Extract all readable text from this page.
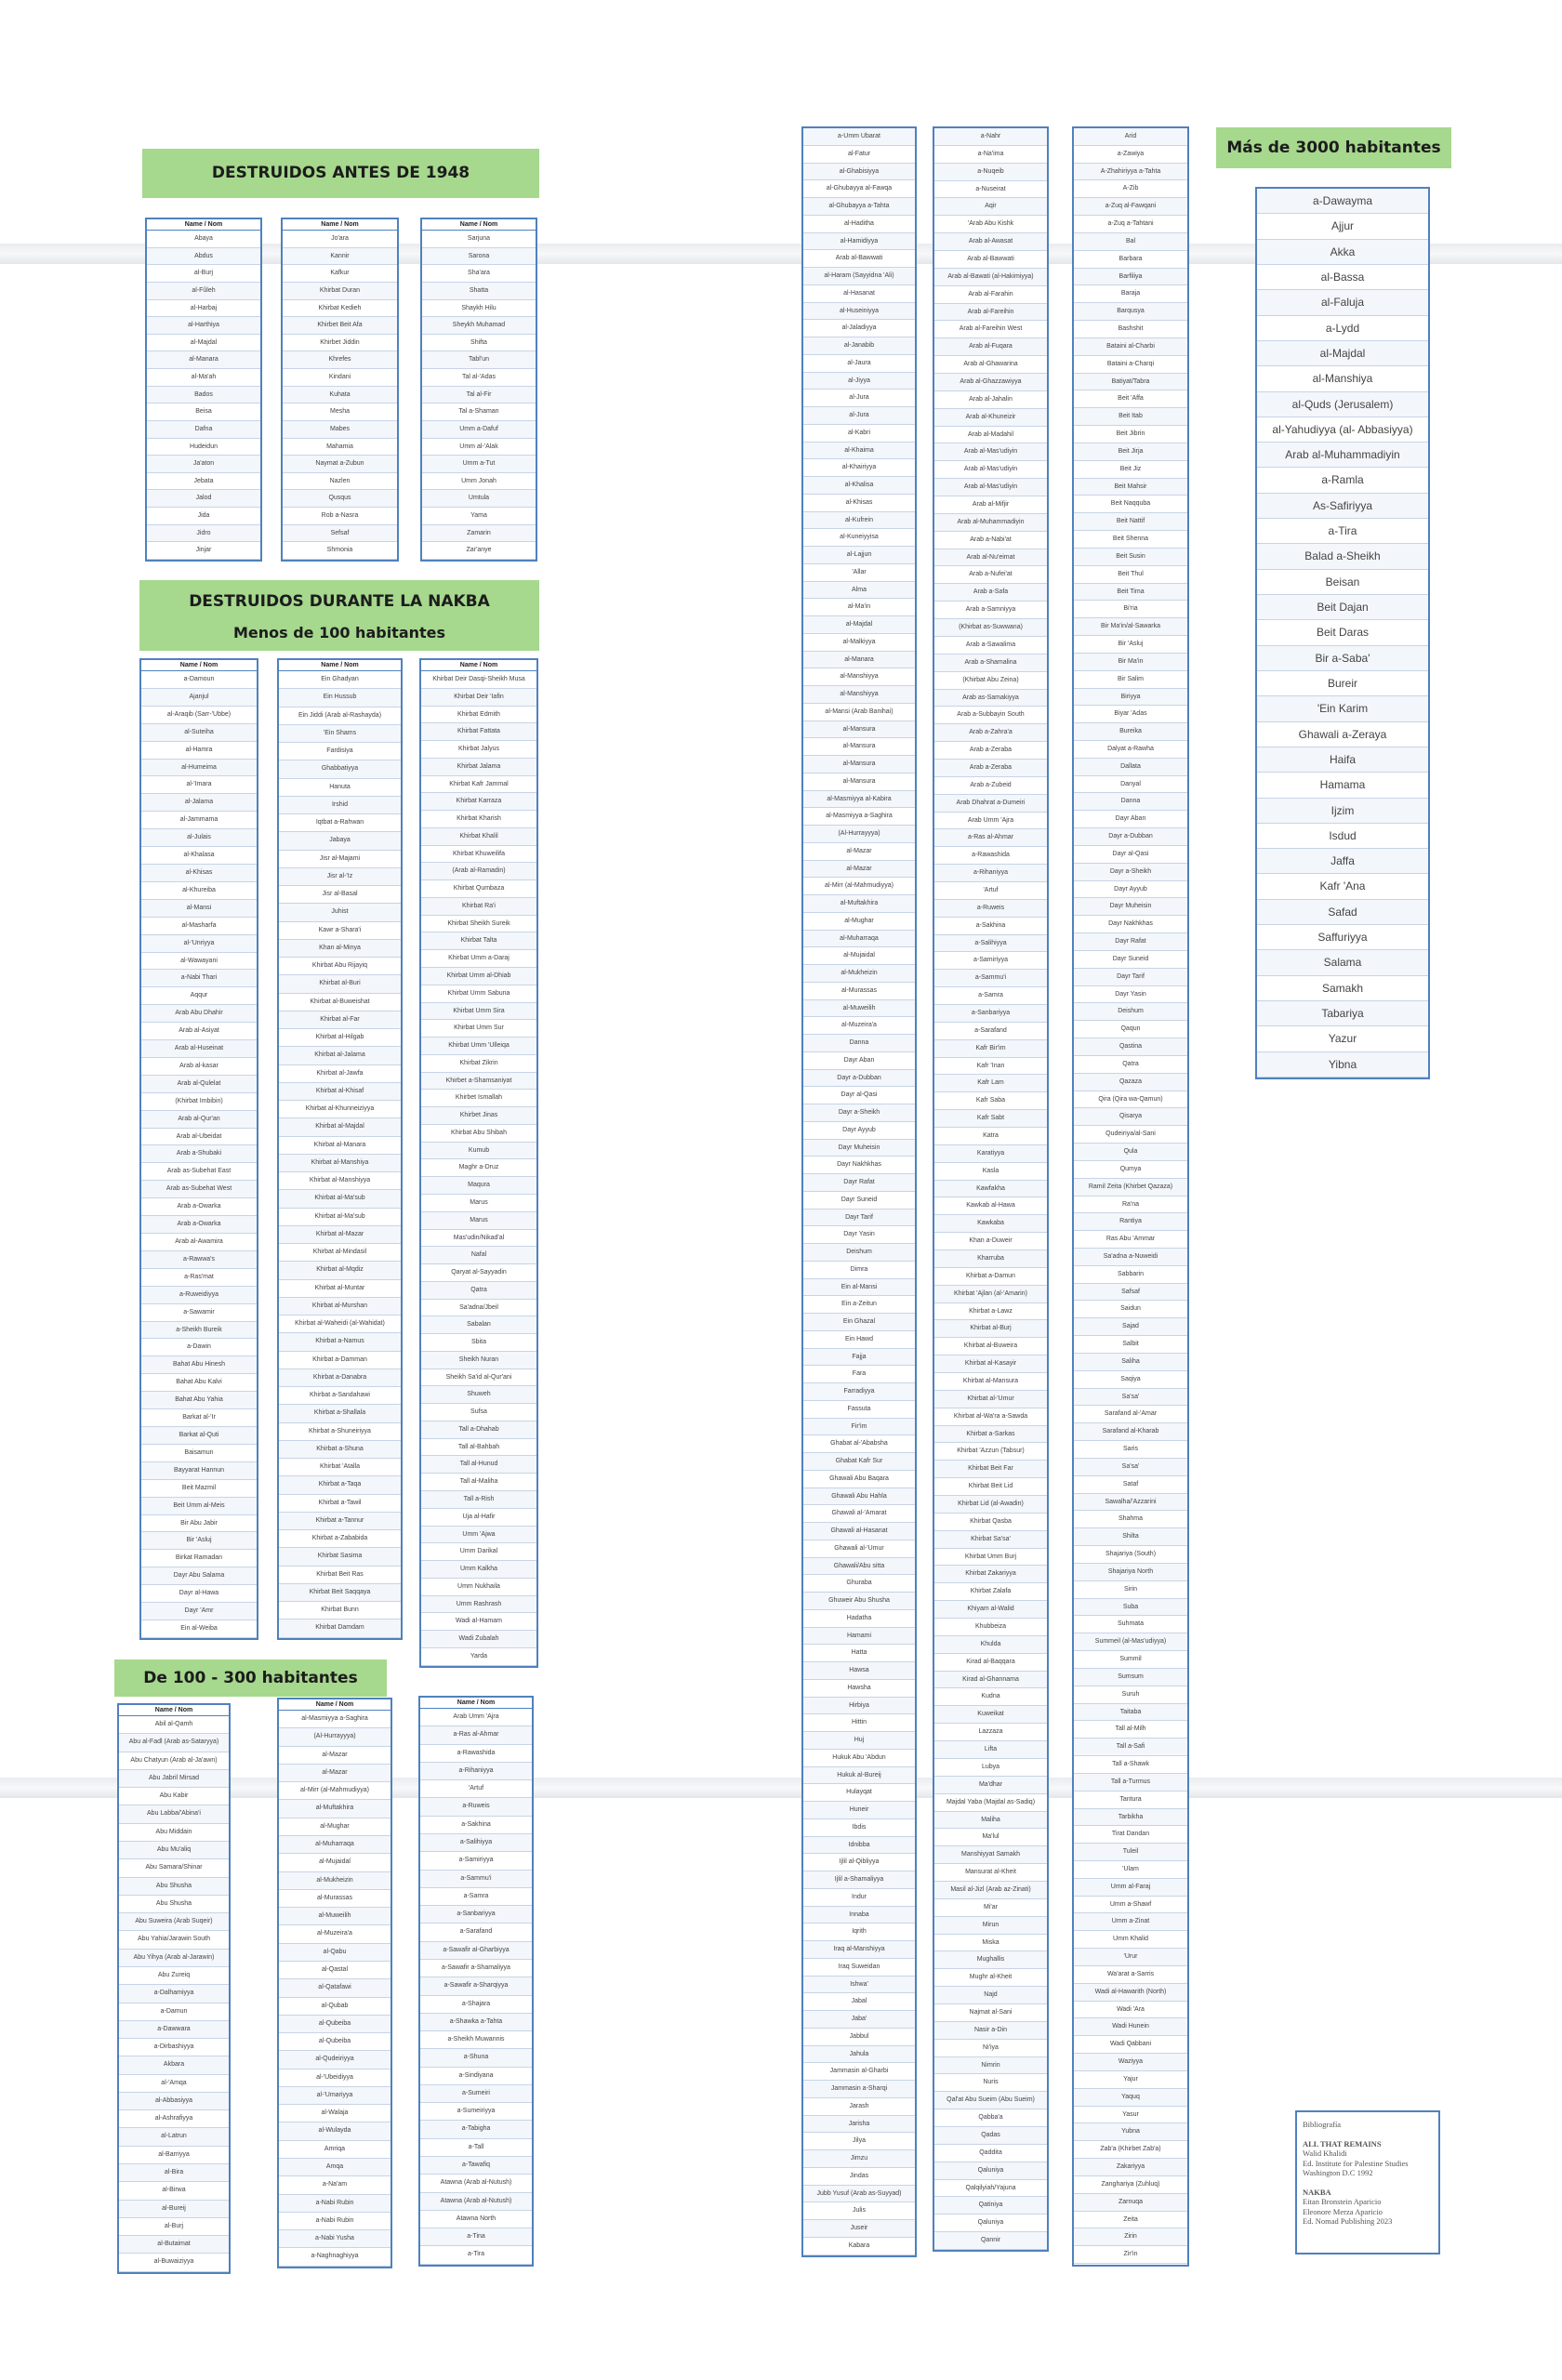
DESTRUIDOS ANTES DE 1948
DESTRUIDOS DURANTE LA NAKBA
Menos de 100 habitantes
De 100 - 300 habitantes
Más de 3000 habitantes
Name / Nom
Abaya
Abdus
al-Burj
al-Fûleh
al-Harbaj
al-Harthiya
al-Majdal
al-Manara
al-Ma'ah
Bados
Beisa
Dafna
Hudeidun
Ja'aton
Jebata
Jalod
Jida
Jidro
Jinjar
Name / Nom
Jo'ara
Kannir
Kafkur
Khirbat Duran
Khirbat Kedieh
Khirbet Beit Afa
Khirbet Jiddin
Khrefes
Kindani
Kuhata
Mesha
Mabes
Mahamia
Naymat a-Zubun
Nazlen
Qusqus
Rob a-Nasra
Sefsaf
Shmonia
Name / Nom
Sarjuna
Sarona
Sha'ara
Shatta
Shaykh Hilu
Sheykh Muhamad
Shifta
Tabl'un
Tal al-'Adas
Tal al-Fir
Tal a-Shaman
Umm a-Dafuf
Umm al-'Alak
Umm a-Tut
Umm Jonah
Umtula
Yama
Zamarin
Zar'anye
Name / Nom
a-Damoun
Ajanjul
al-Araqib (Sarr-'Ubbe)
al-Suteiha
al-Hamra
al-Humeima
al-'Imara
al-Jalama
al-Jammama
al-Julais
al-Khalasa
al-Khisas
al-Khureiba
al-Mansi
al-Masharfa
al-'Unriyya
al-Wawayani
a-Nabi Thari
Aqqur
Arab Abu Dhahir
Arab al-Asiyat
Arab al-Huseinat
Arab al-kasar
Arab al-Qulelat
(Khirbat Imbibin)
Arab al-Qur'an
Arab al-Ubeidat
Arab a-Shubaki
Arab as-Subehat East
Arab as-Subehat West
Arab a-Owarka
Arab a-Owarka
Arab al-Awamira
a-Rawwa's
a-Ras'mat
a-Ruweidiyya
a-Sawamir
a-Sheikh Bureik
a-Dawin
Bahat Abu Hinesh
Bahat Abu Kalvi
Bahat Abu Yahia
Barkat al-'Ir
Barkat al-Quti
Baisamun
Bayyarat Hannun
Beit Mazmil
Beit Umm al-Meis
Bir Abu Jabir
Bir 'Asluj
Birkat Ramadan
Dayr Abu Salama
Dayr al-Hawa
Dayr 'Amr
Ein al-Weiba
Name / Nom
Ein Ghadyan
Ein Hussub
Ein Jiddi (Arab al-Rashayda)
'Ein Shams
Fardisiya
Ghabbatiyya
Hanuta
Irshid
Iqtbat a-Rahwan
Jabaya
Jisr al-Majami
Jisr al-'Iz
Jisr al-Basal
Juhist
Kawr a-Shara'i
Khan al-Minya
Khirbat Abu Rijayiq
Khirbat al-Buri
Khirbat al-Buweishat
Khirbat al-Far
Khirbat al-Hilgab
Khirbat al-Jalama
Khirbat al-Jawfa
Khirbat al-Khisaf
Khirbat al-Khunneiziyya
Khirbat al-Majdal
Khirbat al-Manara
Khirbat al-Manshiya
Khirbat al-Manshiyya
Khirbat al-Ma'sub
Khirbat al-Ma'sub
Khirbat al-Mazar
Khirbat al-Mindasil
Khirbat al-Mqdiz
Khirbat al-Muntar
Khirbat al-Murshan
Khirbat al-Waheidi (al-Wahidat)
Khirbat a-Namus
Khirbat a-Damman
Khirbat a-Danabra
Khirbat a-Sandahawi
Khirbat a-Shallala
Khirbat a-Shuneiriyya
Khirbat a-Shuna
Khirbat 'Atalla
Khirbat a-Taqa
Khirbat a-Tawil
Khirbat a-Tannur
Khirbat a-Zababida
Khirbat Sasima
Khirbat Beit Ras
Khirbat Beit Saqqaya
Khirbat Bunn
Khirbat Damdam
Name / Nom
Khirbat Deir Dasqi-Sheikh Musa
Khirbat Deir 'Iafin
Khirbat Edmith
Khirbat Fattata
Khirbat Jalyus
Khirbat Jalama
Khirbat Kafr Jammal
Khirbat Karraza
Khirbat Kharish
Khirbat Khalil
Khirbat Khuweilifa
(Arab al-Ramadin)
Khirbat Qumbaza
Khirbat Ra'i
Khirbat Sheikh Sureik
Khirbat Talta
Khirbat Umm a-Daraj
Khirbat Umm al-Dhiab
Khirbat Umm Sabuna
Khirbat Umm Sira
Khirbat Umm Sur
Khirbat Umm 'Ulleiqa
Khirbat Zikrin
Khirbet a-Shamsaniyat
Khirbet Ismallah
Khirbet Jinas
Khirbat Abu Shibah
Kumub
Maghr a-Druz
Maqura
Marus
Marus
Mas'udin/Nikad'al
Nafal
Qaryat al-Sayyadin
Qatra
Sa'adna/Jbeil
Sabalan
Sbita
Sheikh Nuran
Sheikh Sa'id al-Qur'ani
Shuweh
Sufsa
Tall a-Dhahab
Tall al-Bahbah
Tall al-Hunud
Tall al-Maliha
Tall a-Rish
Uja al-Hafir
Umm 'Ajwa
Umm Darikal
Umm Kalkha
Umm Nukhaila
Umm Rashrash
Wadi al-Hamam
Wadi Zubalah
Yarda
Name / Nom
Abil al-Qamh
Abu al-Fadl (Arab as-Sataryya)
Abu Chatyun (Arab al-Ja'awn)
Abu Jabril Mirsad
Abu Kabir
Abu Labba/'Abina'i
Abu Middain
Abu Mu'aliq
Abu Samara/Shinar
Abu Shusha
Abu Shusha
Abu Suweira (Arab Suqeir)
Abu Yahia/Jarawin South
Abu Yihya (Arab al-Jarawin)
Abu Zureiq
a-Dalhamiyya
a-Damun
a-Dawwara
a-Dirbashiyya
Akbara
al-'Amqa
al-Abbasiyya
al-Ashrafiyya
al-Latrun
al-Barriyya
al-Bira
al-Birwa
al-Bureij
al-Burj
al-Butaimat
al-Buwaiziyya
Name / Nom
al-Masmiyya a-Saghira
(Al-Hurrayyya)
al-Mazar
al-Mazar
al-Mirr (al-Mahmudiyya)
al-Muftakhira
al-Mughar
al-Muharraqa
al-Mujaidal
al-Mukheizin
al-Murassas
al-Muweilih
al-Muzeira'a
al-Qabu
al-Qastal
al-Qatafawi
al-Qubab
al-Qubeiba
al-Qubeiba
al-Qudeiriyya
al-'Ubeidiyya
al-'Umariyya
al-Walaja
al-Wulayda
Amriqa
Amqa
a-Na'am
a-Nabi Rubin
a-Nabi Rubin
a-Nabi Yusha
a-Naghnaghiyya
Name / Nom
Arab Umm 'Ajra
a-Ras al-Ahmar
a-Rawashida
a-Rihaniyya
'Artuf
a-Ruweis
a-Sakhina
a-Salihiyya
a-Samiriyya
a-Sammu'i
a-Samra
a-Sanbariyya
a-Sarafand
a-Sawafir al-Gharbiyya
a-Sawafir a-Shamaliyya
a-Sawafir a-Sharqiyya
a-Shajara
a-Shawka a-Tahta
a-Sheikh Muwannis
a-Shuna
a-Sindiyana
a-Sumeiri
a-Sumeiriyya
a-Tabigha
a-Tall
a-Tawafiq
Atawna (Arab al-Nutush)
Atawna (Arab al-Nutush)
Atawna North
a-Tina
a-Tira
a-Umm Ubarat
al-Fatur
al-Ghabisiyya
al-Ghubayya al-Fawqa
al-Ghubayya a-Tahta
al-Haditha
al-Hamidiyya
Arab al-Bawwati
al-Haram (Sayyidna 'Ali)
al-Hasanat
al-Huseiniyya
al-Jaladiyya
al-Janabib
al-Jaura
al-Jiyya
al-Jura
al-Jura
al-Kabri
al-Khaima
al-Khairiyya
al-Khalisa
al-Khisas
al-Kufrein
al-Kuneiyyisa
al-Lajjun
'Allar
Alma
al-Ma'in
al-Majdal
al-Malkiyya
al-Manara
al-Manshiyya
al-Manshiyya
al-Mansi (Arab Banihai)
al-Mansura
al-Mansura
al-Mansura
al-Mansura
al-Masmiyya al-Kabira
al-Masmiyya a-Saghira
(Al-Hurrayyya)
al-Mazar
al-Mazar
al-Mirr (al-Mahmudiyya)
al-Muftakhira
al-Mughar
al-Muharraqa
al-Mujaidal
al-Mukheizin
al-Murassas
al-Muweilih
al-Muzeira'a
Danna
Dayr Aban
Dayr a-Dubban
Dayr al-Qasi
Dayr a-Sheikh
Dayr Ayyub
Dayr Muheisin
Dayr Nakhkhas
Dayr Rafat
Dayr Suneid
Dayr Tarif
Dayr Yasin
Deishum
Dimra
Ein al-Mansi
Ein a-Zeitun
Ein Ghazal
Ein Hawd
Fajja
Fara
Farradiyya
Fassuta
Fir'im
Ghabat al-'Ababsha
Ghabat Kafr Sur
Ghawali Abu Baqara
Ghawali Abu Hahla
Ghawali al-'Amarat
Ghawali al-Hasanat
Ghawali al-'Umur
Ghawali/Abu sitta
Ghuraba
Ghuweir Abu Shusha
Hadatha
Hamami
Hatta
Hawsa
Hawsha
Hirbiya
Hittin
Huj
Hukuk Abu 'Abdun
Hukuk al-Bureij
Hulayqat
Huneir
Ibdis
Idnibba
Ijlil al-Qibliyya
Ijlil a-Shamaliyya
Indur
Innaba
Iqrith
Iraq al-Manshiyya
Iraq Suweidan
Ishwa'
Jabal
Jaba'
Jabbul
Jahula
Jammasin al-Gharbi
Jammasin a-Sharqi
Jarash
Jarisha
Jilya
Jimzu
Jindas
Jubb Yusuf (Arab as-Suyyad)
Julis
Juseir
Kabara
a-Nahr
a-Na'ima
a-Nuqeib
a-Nuseirat
Aqir
'Arab Abu Kishk
Arab al-Awasat
Arab al-Bawwati
Arab al-Bawati (al-Hakimiyya)
Arab al-Farahin
Arab al-Fareihin
Arab al-Fareihin West
Arab al-Fuqara
Arab al-Ghawarina
Arab al-Ghazzawiyya
Arab al-Jahalin
Arab al-Khuneizir
Arab al-Madahil
Arab al-Mas'udiyin
Arab al-Mas'udiyin
Arab al-Mas'udiyin
Arab al-Mifjir
Arab al-Muhammadiyin
Arab a-Nabi'at
Arab al-Nu'eimat
Arab a-Nufei'at
Arab a-Safa
Arab a-Samniyya
(Khirbat as-Suwwana)
Arab a-Sawalima
Arab a-Shamalina
(Khirbat Abu Zeina)
Arab as-Samakiyya
Arab a-Subbayin South
Arab a-Zahra'a
Arab a-Zeraba
Arab a-Zeraba
Arab a-Zubeid
Arab Dhahrat a-Dumeiri
Arab Umm 'Ajra
a-Ras al-Ahmar
a-Rawashida
a-Rihaniyya
'Artuf
a-Ruweis
a-Sakhina
a-Salihiyya
a-Samiriyya
a-Sammu'i
a-Samra
a-Sanbariyya
a-Sarafand
Kafr Bir'im
Kafr 'Inan
Kafr Lam
Kafr Saba
Kafr Sabt
Katra
Karatiyya
Kasla
Kawfakha
Kawkab al-Hawa
Kawkaba
Khan a-Duweir
Kharruba
Khirbat a-Damun
Khirbat 'Ajlan (al-'Amarin)
Khirbat a-Lawz
Khirbat al-Burj
Khirbat al-Buweira
Khirbat al-Kasayir
Khirbat al-Mansura
Khirbat al-'Umur
Khirbat al-Wa'ra a-Sawda
Khirbat a-Sarkas
Khirbat 'Azzun (Tabsur)
Khirbat Beit Far
Khirbat Beit Lid
Khirbat Lid (al-Awadin)
Khirbat Qasba
Khirbat Sa'sa'
Khirbat Umm Burj
Khirbat Zakariyya
Khirbat Zalafa
Khiyam al-Walid
Khubbeiza
Khulda
Kirad al-Baqqara
Kirad al-Ghannama
Kudna
Kuweikat
Lazzaza
Lifta
Lubya
Ma'dhar
Majdal Yaba (Majdal as-Sadiq)
Maliha
Ma'lul
Manshiyyat Samakh
Mansurat al-Kheit
Masil al-Jizl (Arab az-Zinati)
Mi'ar
Mirun
Miska
Mughallis
Mughr al-Kheit
Najd
Najmat al-Sani
Nasir a-Din
Ni'iya
Nimrin
Nuris
Qal'at Abu Sueim (Abu Sueim)
Qabba'a
Qadas
Qaddita
Qaluniya
Qalqilyiah/Yajuna
Qatiniya
Qaluniya
Qannir
Arid
a-Zawiya
A-Zhahiriyya a-Tahta
A-Zib
a-Zuq al-Fawqani
a-Zuq a-Tahtani
Bal
Barbara
Barfiliya
Baraja
Barqusya
Bashshit
Bataini al-Charbi
Bataini a-Charqi
Batiyat/Tabra
Beit 'Affa
Beit Itab
Beit Jibrin
Beit Jirja
Beit Jiz
Beit Mahsir
Beit Naqquba
Beit Nattif
Beit Shenna
Beit Susin
Beit Thul
Beit Tima
Bi'ria
Bir Ma'in/al-Sawarka
Bir 'Asluj
Bir Ma'in
Bir Salim
Biriyya
Biyar 'Adas
Bureika
Dalyat a-Rawha
Dallata
Danyal
Danna
Dayr Aban
Dayr a-Dubban
Dayr al-Qasi
Dayr a-Sheikh
Dayr Ayyub
Dayr Muheisin
Dayr Nakhkhas
Dayr Rafat
Dayr Suneid
Dayr Tarif
Dayr Yasin
Deishum
Qaqun
Qastina
Qatra
Qazaza
Qira (Qira wa-Qamun)
Qisarya
Qudeiriya/al-Sani
Qula
Qumya
Ramil Zeita (Khirbet Qazaza)
Ra'na
Rantiya
Ras Abu 'Ammar
Sa'adna a-Nuweidi
Sabbarin
Safsaf
Saidun
Sajad
Salbit
Saliha
Saqiya
Sa'sa'
Sarafand al-'Amar
Sarafand al-Kharab
Saris
Sa'sa'
Sataf
Sawalha/'Azzarini
Shahma
Shilta
Shajariya (South)
Shajariya North
Sirin
Suba
Suhmata
Summeil (al-Mas'udiyya)
Summil
Sumsum
Suruh
Taitaba
Tall al-Milh
Tall a-Safi
Tall a-Shawk
Tall a-Turmus
Tantura
Tarbikha
Tirat Dandan
Tuleil
'Ulam
Umm al-Faraj
Umm a-Shawf
Umm a-Zinat
Umm Khalid
'Urur
Wa'arat a-Sarris
Wadi al-Hawarith (North)
Wadi 'Ara
Wadi Hunein
Wadi Qabbani
Waziyya
Yajur
Yaquq
Yasur
Yubna
Zab'a (Khirbet Zab'a)
Zakariyya
Zanghariya (Zuhluq)
Zarnuqa
Zeita
Zirin
Zir'in
a-Dawayma
Ajjur
Akka
al-Bassa
al-Faluja
a-Lydd
al-Majdal
al-Manshiya
al-Quds (Jerusalem)
al-Yahudiyya (al- Abbasiyya)
Arab al-Muhammadiyin
a-Ramla
As-Safiriyya
a-Tira
Balad a-Sheikh
Beisan
Beit Dajan
Beit Daras
Bir a-Saba'
Bureir
'Ein Karim
Ghawali a-Zeraya
Haifa
Hamama
Ijzim
Isdud
Jaffa
Kafr 'Ana
Safad
Saffuriyya
Salama
Samakh
Tabariya
Yazur
Yibna
Bibliografía
ALL THAT REMAINS
Walid Khalidi
Ed. Institute for Palestine Studies
Washington D.C 1992
NAKBA
Eitan Bronstein Aparicio
Eleonore Merza Aparicio
Ed. Nomad Publishing 2023
